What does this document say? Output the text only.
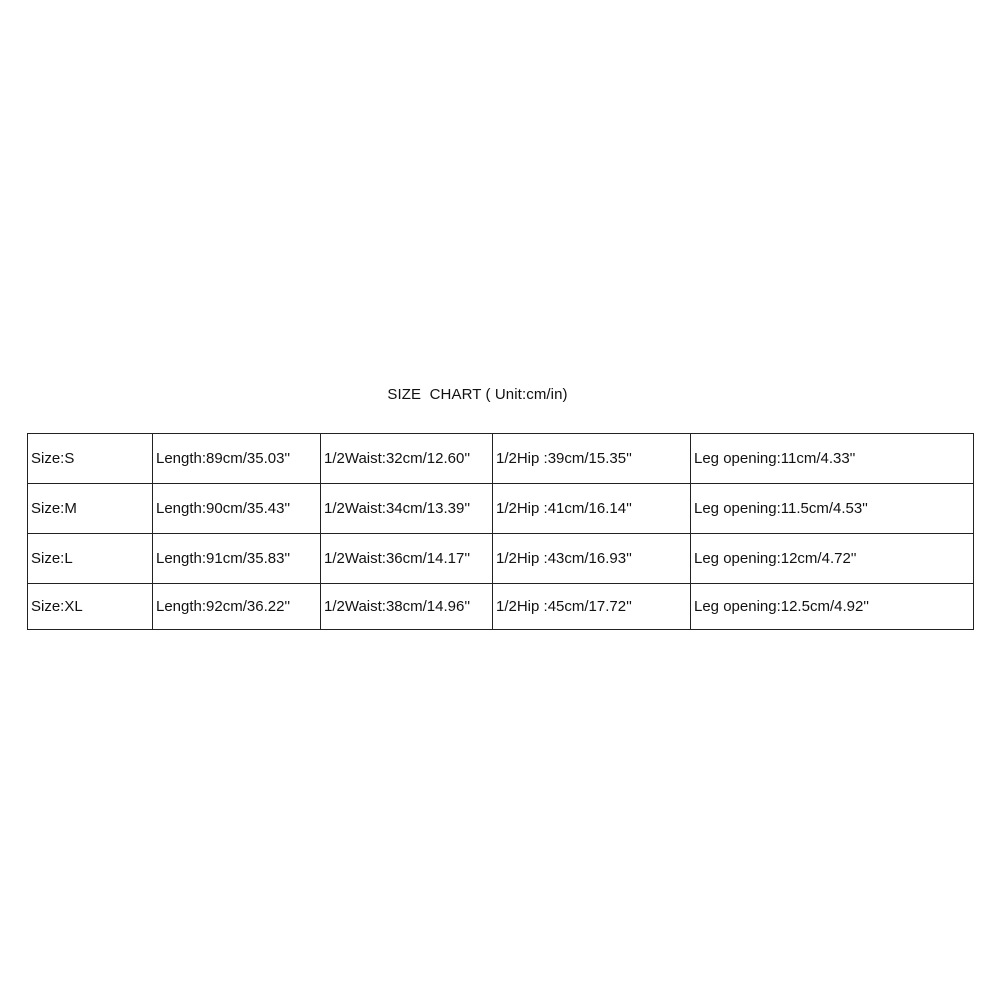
SIZE  CHART ( Unit:cm/in)
Size:S	Length:89cm/35.03''	1/2Waist:32cm/12.60''	1/2Hip :39cm/15.35''	Leg opening:11cm/4.33''
Size:M	Length:90cm/35.43''	1/2Waist:34cm/13.39''	1/2Hip :41cm/16.14''	Leg opening:11.5cm/4.53''
Size:L	Length:91cm/35.83''	1/2Waist:36cm/14.17''	1/2Hip :43cm/16.93''	Leg opening:12cm/4.72''
Size:XL	Length:92cm/36.22''	1/2Waist:38cm/14.96''	1/2Hip :45cm/17.72''	Leg opening:12.5cm/4.92''
